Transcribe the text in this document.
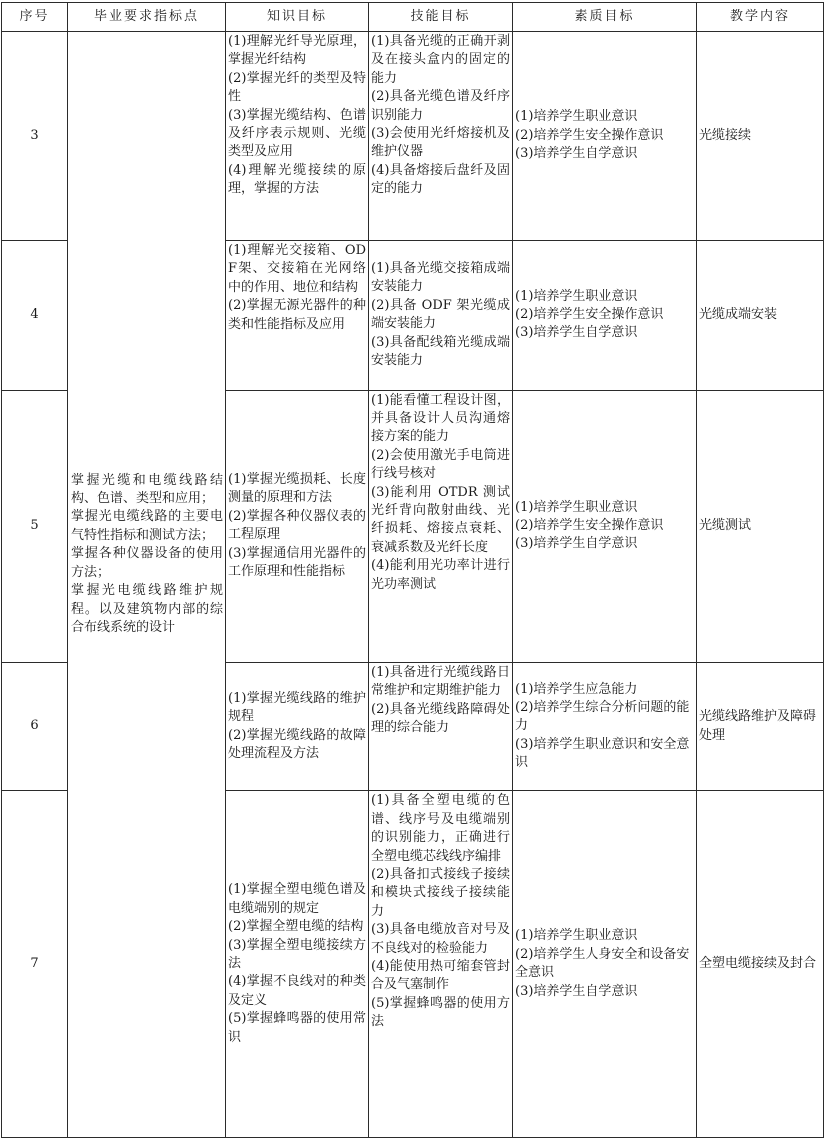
序号	毕业要求指标点	知识目标	技能目标	素质目标	教学内容
3	掌握光缆和电缆线路结构、色谱、类型和应用；
掌握光电缆线路的主要电气特性指标和测试方法；
掌握各种仪器设备的使用方法；
掌握光电缆线路维护规程。以及建筑物内部的综合布线系统的设计	(1)理解光纤导光原理，掌握光纤结构
(2)掌握光纤的类型及特性
(3)掌握光缆结构、色谱及纤序表示规则、光缆类型及应用
(4)理解光缆接续的原理，掌握的方法	(1)具备光缆的正确开剥及在接头盒内的固定的能力
(2)具备光缆色谱及纤序识别能力
(3)会使用光纤熔接机及维护仪器
(4)具备熔接后盘纤及固定的能力	(1)培养学生职业意识
(2)培养学生安全操作意识
(3)培养学生自学意识	光缆接续
4		(1)理解光交接箱、ODF架、交接箱在光网络中的作用、地位和结构
(2)掌握无源光器件的种类和性能指标及应用	(1)具备光缆交接箱成端安装能力
(2)具备 ODF 架光缆成端安装能力
(3)具备配线箱光缆成端安装能力	(1)培养学生职业意识
(2)培养学生安全操作意识
(3)培养学生自学意识	光缆成端安装
5		(1)掌握光缆损耗、长度测量的原理和方法
(2)掌握各种仪器仪表的工程原理
(3)掌握通信用光器件的工作原理和性能指标	(1)能看懂工程设计图，并具备设计人员沟通熔接方案的能力
(2)会使用激光手电筒进行线号核对
(3)能利用 OTDR 测试光纤背向散射曲线、光纤损耗、熔接点衰耗、衰减系数及光纤长度
(4)能利用光功率计进行光功率测试	(1)培养学生职业意识
(2)培养学生安全操作意识
(3)培养学生自学意识	光缆测试
6		(1)掌握光缆线路的维护规程
(2)掌握光缆线路的故障处理流程及方法	(1)具备进行光缆线路日常维护和定期维护能力
(2)具备光缆线路障碍处理的综合能力	(1)培养学生应急能力
(2)培养学生综合分析问题的能力
(3)培养学生职业意识和安全意识	光缆线路维护及障碍处理
7		(1)掌握全塑电缆色谱及电缆端别的规定
(2)掌握全塑电缆的结构
(3)掌握全塑电缆接续方法
(4)掌握不良线对的种类及定义
(5)掌握蜂鸣器的使用常识	(1)具备全塑电缆的色谱、线序号及电缆端别的识别能力，正确进行全塑电缆芯线线序编排
(2)具备扣式接线子接续和模块式接线子接续能力
(3)具备电缆放音对号及不良线对的检验能力
(4)能使用热可缩套管封合及气塞制作
(5)掌握蜂鸣器的使用方法	(1)培养学生职业意识
(2)培养学生人身安全和设备安全意识
(3)培养学生自学意识	全塑电缆接续及封合
